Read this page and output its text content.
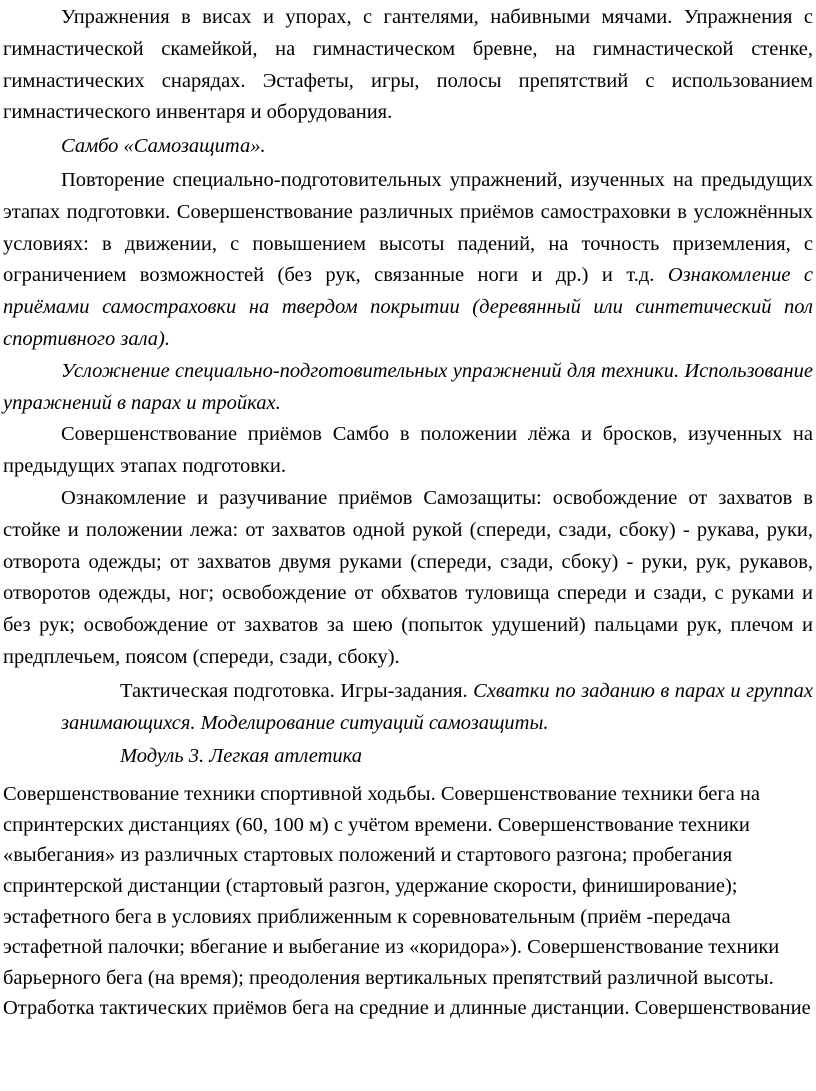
Упражнения в висах и упорах, с гантелями, набивными мячами. Упражнения с гимнастической скамейкой, на гимнастическом бревне, на гимнастической стенке, гимнастических снарядах. Эстафеты, игры, полосы препятствий с использованием гимнастического инвентаря и оборудования.

Самбо «Самозащита».

Повторение специально-подготовительных упражнений, изученных на предыдущих этапах подготовки. Совершенствование различных приёмов самостраховки в усложнённых условиях: в движении, с повышением высоты падений, на точность приземления, с ограничением возможностей (без рук, связанные ноги и др.) и т.д. Ознакомление с приёмами самостраховки на твердом покрытии (деревянный или синтетический пол спортивного зала).

Усложнение специально-подготовительных упражнений для техники. Использование упражнений в парах и тройках.

Совершенствование приёмов Самбо в положении лёжа и бросков, изученных на предыдущих этапах подготовки.

Ознакомление и разучивание приёмов Самозащиты: освобождение от захватов в стойке и положении лежа: от захватов одной рукой (спереди, сзади, сбоку) - рукава, руки, отворота одежды; от захватов двумя руками (спереди, сзади, сбоку) - руки, рук, рукавов, отворотов одежды, ног; освобождение от обхватов туловища спереди и сзади, с руками и без рук; освобождение от захватов за шею (попыток удушений) пальцами рук, плечом и предплечьем, поясом (спереди, сзади, сбоку).

Тактическая подготовка. Игры-задания. Схватки по заданию в парах и группах занимающихся. Моделирование ситуаций самозащиты.

Модуль 3. Легкая атлетика

Совершенствование техники спортивной ходьбы. Совершенствование техники бега на спринтерских дистанциях (60, 100 м) с учётом времени. Совершенствование техники «выбегания» из различных стартовых положений и стартового разгона; пробегания спринтерской дистанции (стартовый разгон, удержание скорости, финиширование); эстафетного бега в условиях приближенным к соревновательным (приём -передача эстафетной палочки; вбегание и выбегание из «коридора»). Совершенствование техники барьерного бега (на время); преодоления вертикальных препятствий различной высоты. Отработка тактических приёмов бега на средние и длинные дистанции. Совершенствование
